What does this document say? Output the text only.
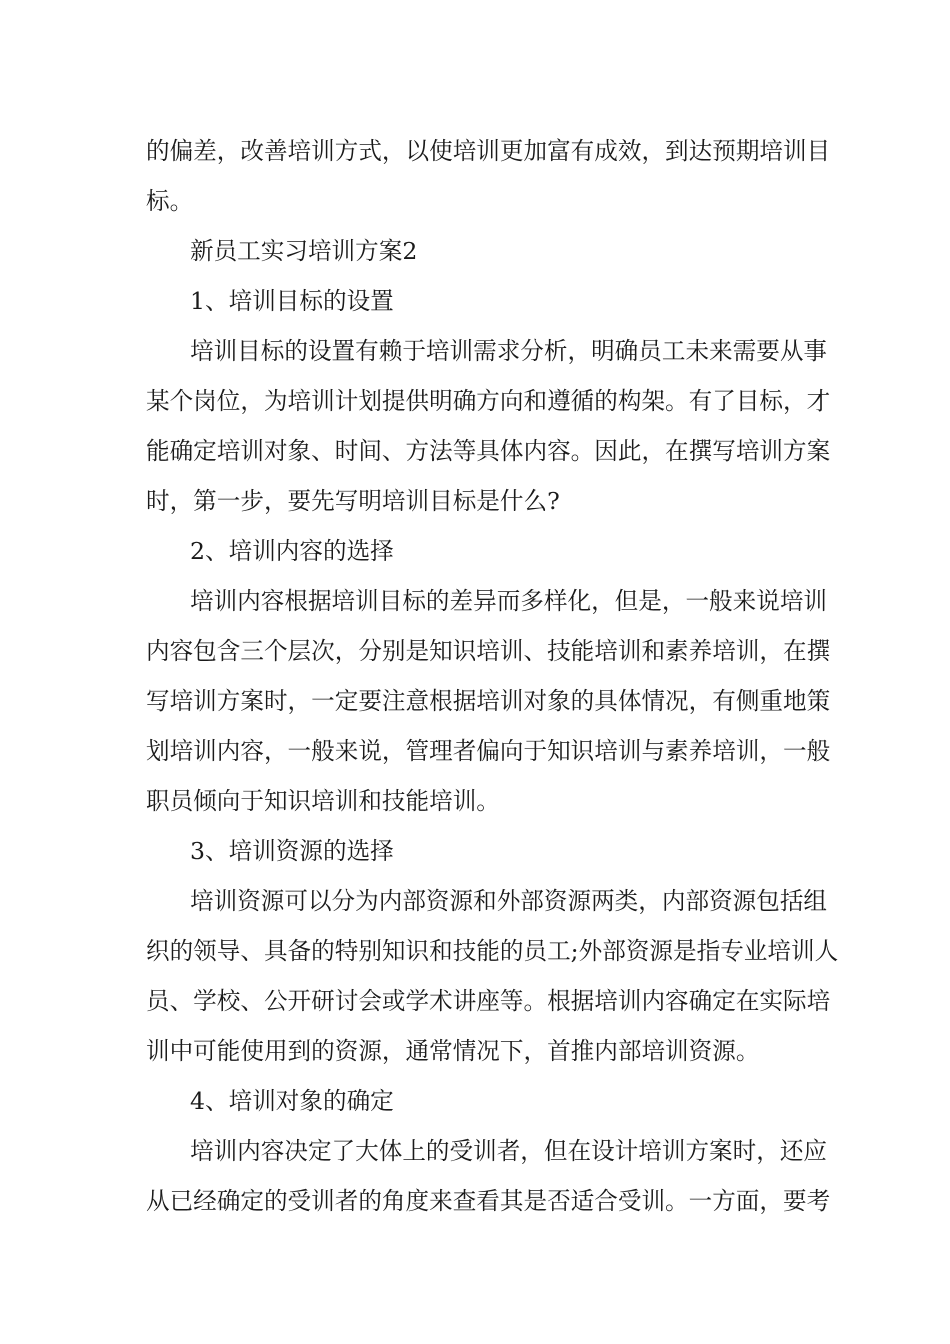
的偏差，改善培训方式，以使培训更加富有成效，到达预期培训目
标。
新员工实习培训方案2
1、培训目标的设置
培训目标的设置有赖于培训需求分析，明确员工未来需要从事
某个岗位，为培训计划提供明确方向和遵循的构架。有了目标，才
能确定培训对象、时间、方法等具体内容。因此，在撰写培训方案
时，第一步，要先写明培训目标是什么?
2、培训内容的选择
培训内容根据培训目标的差异而多样化，但是，一般来说培训
内容包含三个层次，分别是知识培训、技能培训和素养培训，在撰
写培训方案时，一定要注意根据培训对象的具体情况，有侧重地策
划培训内容，一般来说，管理者偏向于知识培训与素养培训，一般
职员倾向于知识培训和技能培训。
3、培训资源的选择
培训资源可以分为内部资源和外部资源两类，内部资源包括组
织的领导、具备的特别知识和技能的员工;外部资源是指专业培训人
员、学校、公开研讨会或学术讲座等。根据培训内容确定在实际培
训中可能使用到的资源，通常情况下，首推内部培训资源。
4、培训对象的确定
培训内容决定了大体上的受训者，但在设计培训方案时，还应
从已经确定的受训者的角度来查看其是否适合受训。一方面，要考
